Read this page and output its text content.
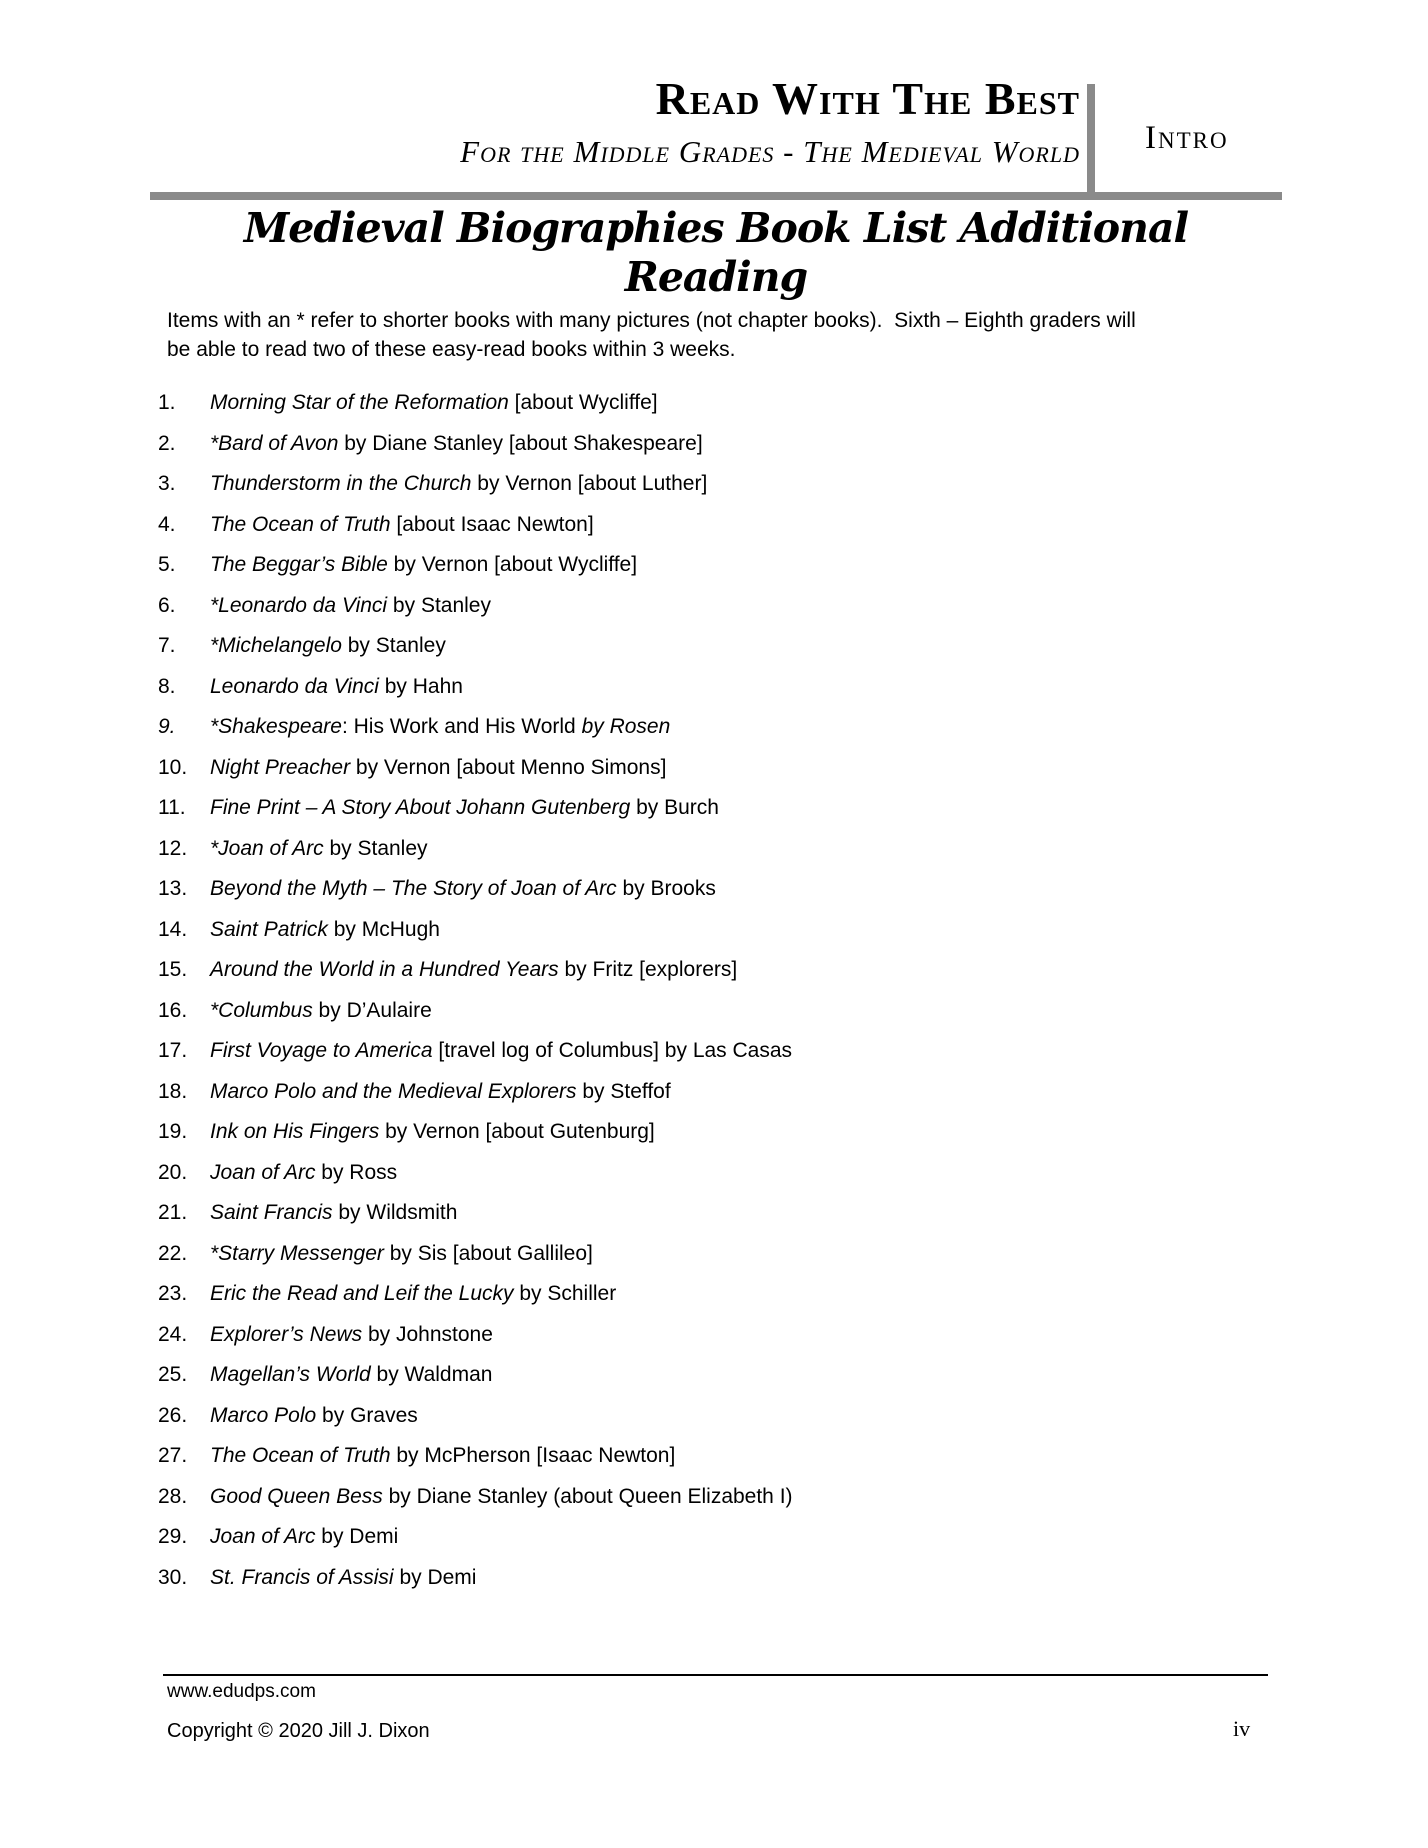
Read With The Best
For the Middle Grades - The Medieval World Intro
Medieval Biographies Book List Additional Reading

Items with an * refer to shorter books with many pictures (not chapter books).  Sixth – Eighth graders will
be able to read two of these easy-read books within 3 weeks.

1.	Morning Star of the Reformation [about Wycliffe]
2.	*Bard of Avon by Diane Stanley [about Shakespeare]
3.	Thunderstorm in the Church by Vernon [about Luther]
4.	The Ocean of Truth [about Isaac Newton]
5.	The Beggar’s Bible by Vernon [about Wycliffe]
6.	*Leonardo da Vinci by Stanley
7.	*Michelangelo by Stanley
8.	Leonardo da Vinci by Hahn
9.	*Shakespeare: His Work and His World by Rosen
10.	Night Preacher by Vernon [about Menno Simons]
11.	Fine Print – A Story About Johann Gutenberg by Burch
12.	*Joan of Arc by Stanley
13.	Beyond the Myth – The Story of Joan of Arc by Brooks
14.	Saint Patrick by McHugh
15.	Around the World in a Hundred Years by Fritz [explorers]
16.	*Columbus by D’Aulaire
17.	First Voyage to America [travel log of Columbus] by Las Casas
18.	Marco Polo and the Medieval Explorers by Steffof
19.	Ink on His Fingers by Vernon [about Gutenburg]
20.	Joan of Arc by Ross
21.	Saint Francis by Wildsmith
22.	*Starry Messenger by Sis [about Gallileo]
23.	Eric the Read and Leif the Lucky by Schiller
24.	Explorer’s News by Johnstone
25.	Magellan’s World by Waldman
26.	Marco Polo by Graves
27.	The Ocean of Truth by McPherson [Isaac Newton]
28.	Good Queen Bess by Diane Stanley (about Queen Elizabeth I)
29.	Joan of Arc by Demi
30.	St. Francis of Assisi by Demi
www.edudps.com
Copyright © 2020 Jill J. Dixon	iv
